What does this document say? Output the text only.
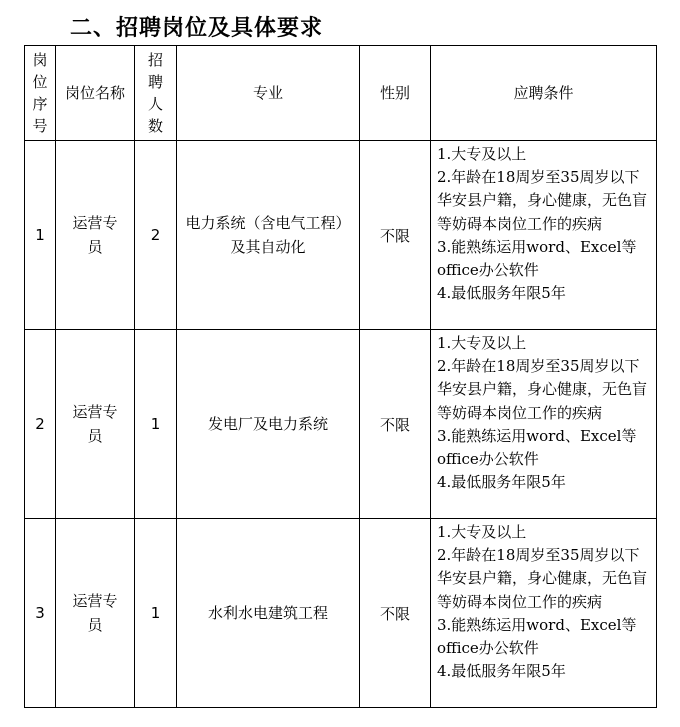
二、招聘岗位及具体要求
岗位序号	岗位名称	招聘人数	专业	性别	应聘条件
1	运营专员	2	电力系统（含电气工程）及其自动化	不限	1.大专及以上
2.年龄在18周岁至35周岁以下华安县户籍，身心健康，无色盲等妨碍本岗位工作的疾病
3.能熟练运用word、Excel等office办公软件
4.最低服务年限5年

2	运营专员	1	发电厂及电力系统	不限	1.大专及以上
2.年龄在18周岁至35周岁以下华安县户籍，身心健康，无色盲等妨碍本岗位工作的疾病
3.能熟练运用word、Excel等office办公软件
4.最低服务年限5年

3	运营专员	1	水利水电建筑工程	不限	1.大专及以上
2.年龄在18周岁至35周岁以下华安县户籍，身心健康，无色盲等妨碍本岗位工作的疾病
3.能熟练运用word、Excel等office办公软件
4.最低服务年限5年
